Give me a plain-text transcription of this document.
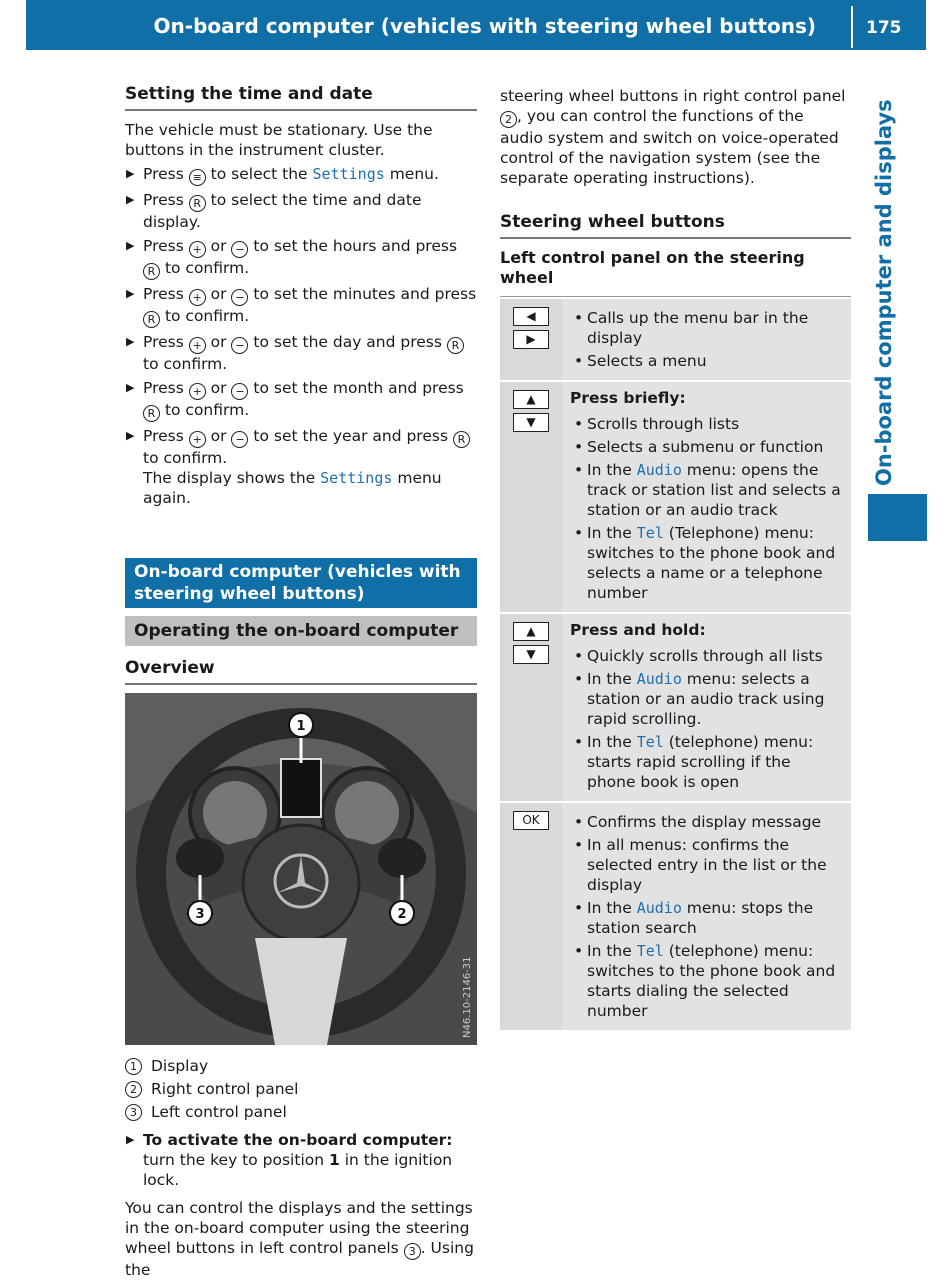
On-board computer (vehicles with steering wheel buttons)	175
On-board computer and displays
Setting the time and date

The vehicle must be stationary. Use the buttons in the instrument cluster.

▶ Press ≡ to select the Settings menu.
▶ Press R to select the time and date display.
▶ Press + or − to set the hours and press R to confirm.
▶ Press + or − to set the minutes and press R to confirm.
▶ Press + or − to set the day and press R to confirm.
▶ Press + or − to set the month and press R to confirm.
▶ Press + or − to set the year and press R to confirm.
The display shows the Settings menu again.
On-board computer (vehicles with steering wheel buttons)
Operating the on-board computer
Overview
1
2
3
N46.10-2146-31
1 Display
2 Right control panel
3 Left control panel
▶ To activate the on-board computer: turn the key to position 1 in the ignition lock.

You can control the displays and the settings in the on-board computer using the steering wheel buttons in left control panels 3 . Using the

steering wheel buttons in right control panel 2 , you can control the functions of the audio system and switch on voice-operated control of the navigation system (see the separate operating instructions).

Steering wheel buttons
Left control panel on the steering wheel
◀
▶
• Calls up the menu bar in the display
• Selects a menu
▲
▼
Press briefly:
• Scrolls through lists
• Selects a submenu or function
• In the Audio menu: opens the track or station list and selects a station or an audio track
• In the Tel (Telephone) menu: switches to the phone book and selects a name or a telephone number
▲
▼
Press and hold:
• Quickly scrolls through all lists
• In the Audio menu: selects a station or an audio track using rapid scrolling.
• In the Tel (telephone) menu: starts rapid scrolling if the phone book is open
OK
•	Confirms the display message
• In all menus: confirms the selected entry in the list or the display
• In the Audio menu: stops the station search
• In the Tel (telephone) menu: switches to the phone book and starts dialing the selected number
